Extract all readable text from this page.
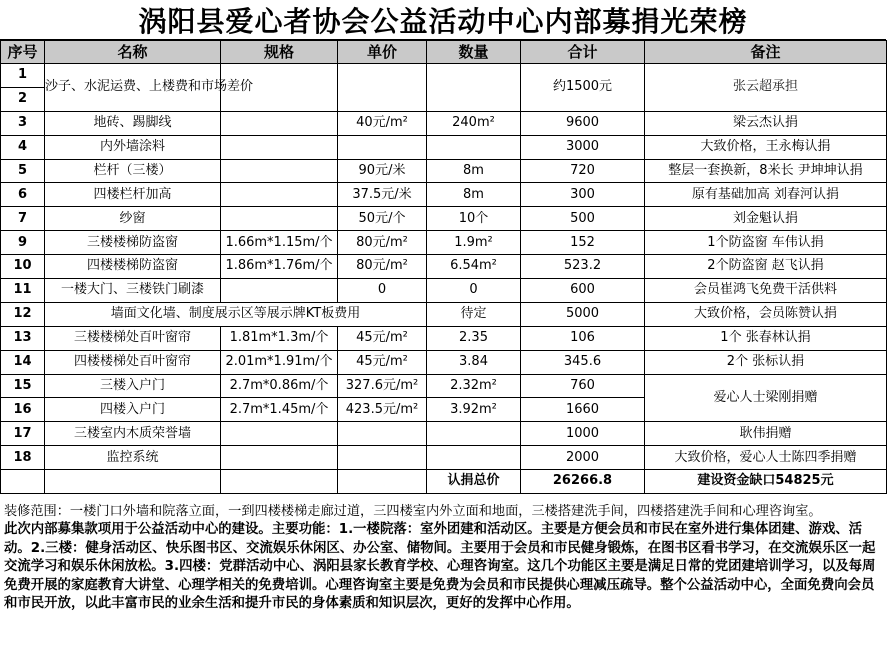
涡阳县爱心者协会公益活动中心内部募捐光荣榜
序号	名称	规格	单价	数量	合计	备注
1	沙子、水泥运费、上楼费和市场差价				约1500元	张云超承担
2						
3	地砖、踢脚线		40元/m²	240m²	9600	梁云杰认捐
4	内外墙涂料				3000	大致价格，王永梅认捐
5	栏杆（三楼）		90元/米	8m	720	整层一套换新，8米长 尹坤坤认捐
6	四楼栏杆加高		37.5元/米	8m	300	原有基础加高 刘春河认捐
7	纱窗		50元/个	10个	500	刘金魁认捐
9	三楼楼梯防盗窗	1.66m*1.15m/个	80元/m²	1.9m²	152	1个防盗窗 车伟认捐
10	四楼楼梯防盗窗	1.86m*1.76m/个	80元/m²	6.54m²	523.2	2个防盗窗 赵飞认捐
11	一楼大门、三楼铁门刷漆		0	0	600	会员崔鸿飞免费干活供料
12	墙面文化墙、制度展示区等展示牌KT板费用			待定	5000	大致价格，会员陈赞认捐
13	三楼楼梯处百叶窗帘	1.81m*1.3m/个	45元/m²	2.35	106	1个 张春林认捐
14	四楼楼梯处百叶窗帘	2.01m*1.91m/个	45元/m²	3.84	345.6	2个 张标认捐
15	三楼入户门	2.7m*0.86m/个	327.6元/m²	2.32m²	760	爱心人士梁刚捐赠
16	四楼入户门	2.7m*1.45m/个	423.5元/m²	3.92m²	1660	
17	三楼室内木质荣誉墙				1000	耿伟捐赠
18	监控系统				2000	大致价格，爱心人士陈四季捐赠
				认捐总价	26266.8	建设资金缺口54825元

装修范围：一楼门口外墙和院落立面，一到四楼楼梯走廊过道，三四楼室内外立面和地面，三楼搭建洗手间，四楼搭建洗手间和心理咨询室。

此次内部募集款项用于公益活动中心的建设。主要功能：1.一楼院落：室外团建和活动区。主要是方便会员和市民在室外进行集体团建、游戏、活动。2.三楼：健身活动区、快乐图书区、交流娱乐休闲区、办公室、储物间。主要用于会员和市民健身锻炼，在图书区看书学习，在交流娱乐区一起交流学习和娱乐休闲放松。3.四楼：党群活动中心、涡阳县家长教育学校、心理咨询室。这几个功能区主要是满足日常的党团建培训学习，以及每周免费开展的家庭教育大讲堂、心理学相关的免费培训。心理咨询室主要是免费为会员和市民提供心理减压疏导。整个公益活动中心，全面免费向会员和市民开放，以此丰富市民的业余生活和提升市民的身体素质和知识层次，更好的发挥中心作用。
